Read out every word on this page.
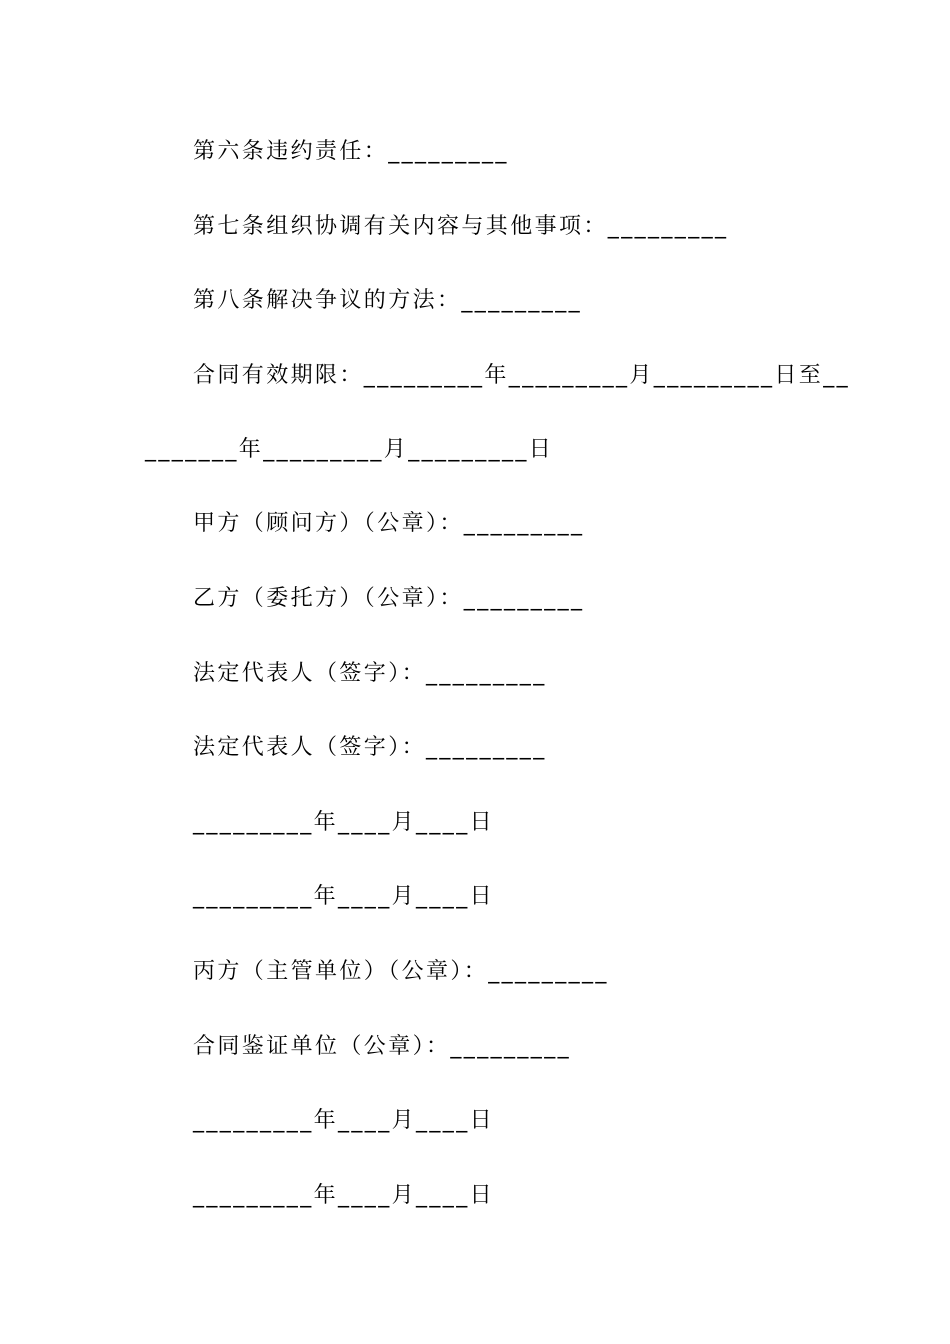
第六条违约责任：_________
第七条组织协调有关内容与其他事项：_________
第八条解决争议的方法：_________
合同有效期限：_________年_________月_________日至__
_______年_________月_________日
甲方（顾问方）（公章）：_________
乙方（委托方）（公章）：_________
法定代表人（签字）：_________
法定代表人（签字）：_________
_________年____月____日
_________年____月____日
丙方（主管单位）（公章）：_________
合同鉴证单位（公章）：_________
_________年____月____日
_________年____月____日
